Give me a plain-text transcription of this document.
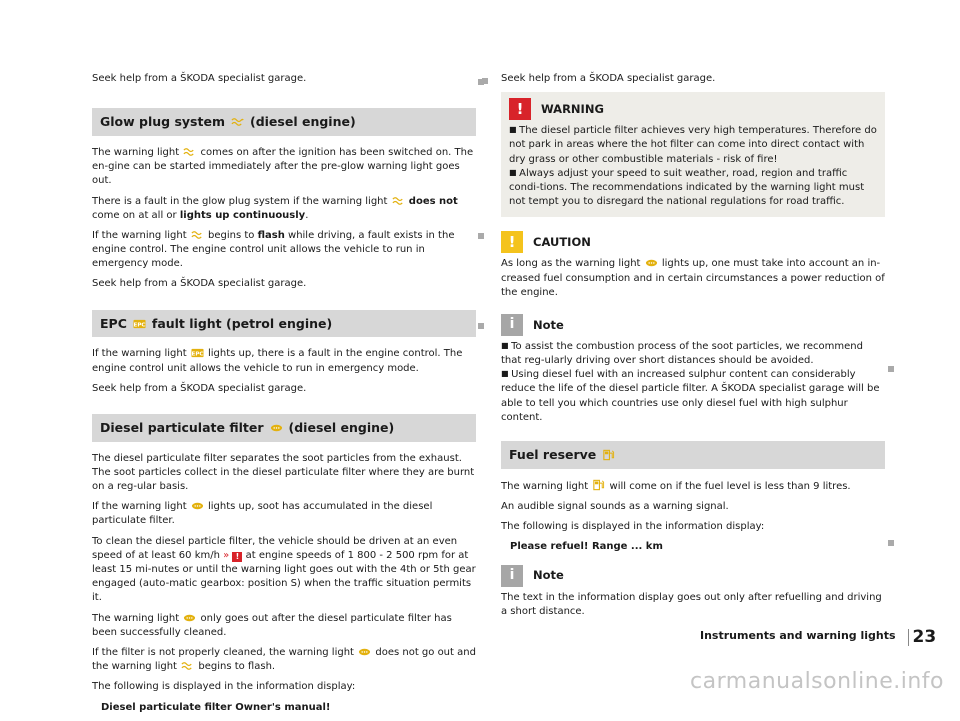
Seek help from a ŠKODA specialist garage.

Glow plug system (diesel engine)

The warning light comes on after the ignition has been switched on. The en-gine can be started immediately after the pre-glow warning light goes out.

There is a fault in the glow plug system if the warning light does not come on at all or lights up continuously.

If the warning light begins to flash while driving, a fault exists in the engine control. The engine control unit allows the vehicle to run in emergency mode.

Seek help from a ŠKODA specialist garage.

EPC EPC fault light (petrol engine)

If the warning light EPC lights up, there is a fault in the engine control. The engine control unit allows the vehicle to run in emergency mode.

Seek help from a ŠKODA specialist garage.

Diesel particulate filter (diesel engine)

The diesel particulate filter separates the soot particles from the exhaust. The soot particles collect in the diesel particulate filter where they are burnt on a reg-ular basis.

If the warning light lights up, soot has accumulated in the diesel particulate filter.

To clean the diesel particle filter, the vehicle should be driven at an even speed of at least 60 km/h » ! at engine speeds of 1 800 - 2 500 rpm for at least 15 mi-nutes or until the warning light goes out with the 4th or 5th gear engaged (auto-matic gearbox: position S) when the traffic situation permits it.

The warning light only goes out after the diesel particulate filter has been successfully cleaned.

If the filter is not properly cleaned, the warning light does not go out and the warning light begins to flash.

The following is displayed in the information display:

Diesel particulate filter Owner's manual!

Seek help from a ŠKODA specialist garage.

!	WARNING

■ The diesel particle filter achieves very high temperatures. Therefore do not park in areas where the hot filter can come into direct contact with dry grass or other combustible materials - risk of fire!

■ Always adjust your speed to suit weather, road, region and traffic condi-tions. The recommendations indicated by the warning light must not tempt you to disregard the national regulations for road traffic.

!	CAUTION

As long as the warning light lights up, one must take into account an in-creased fuel consumption and in certain circumstances a power reduction of the engine.

i	Note

■ To assist the combustion process of the soot particles, we recommend that reg-ularly driving over short distances should be avoided.

■ Using diesel fuel with an increased sulphur content can considerably reduce the life of the diesel particle filter. A ŠKODA specialist garage will be able to tell you which countries use only diesel fuel with high sulphur content.

Fuel reserve

The warning light will come on if the fuel level is less than 9 litres.

An audible signal sounds as a warning signal.

The following is displayed in the information display:

Please refuel! Range ... km

i	Note

The text in the information display goes out only after refuelling and driving a short distance.

Instruments and warning lights 23
carmanualsonline.info
